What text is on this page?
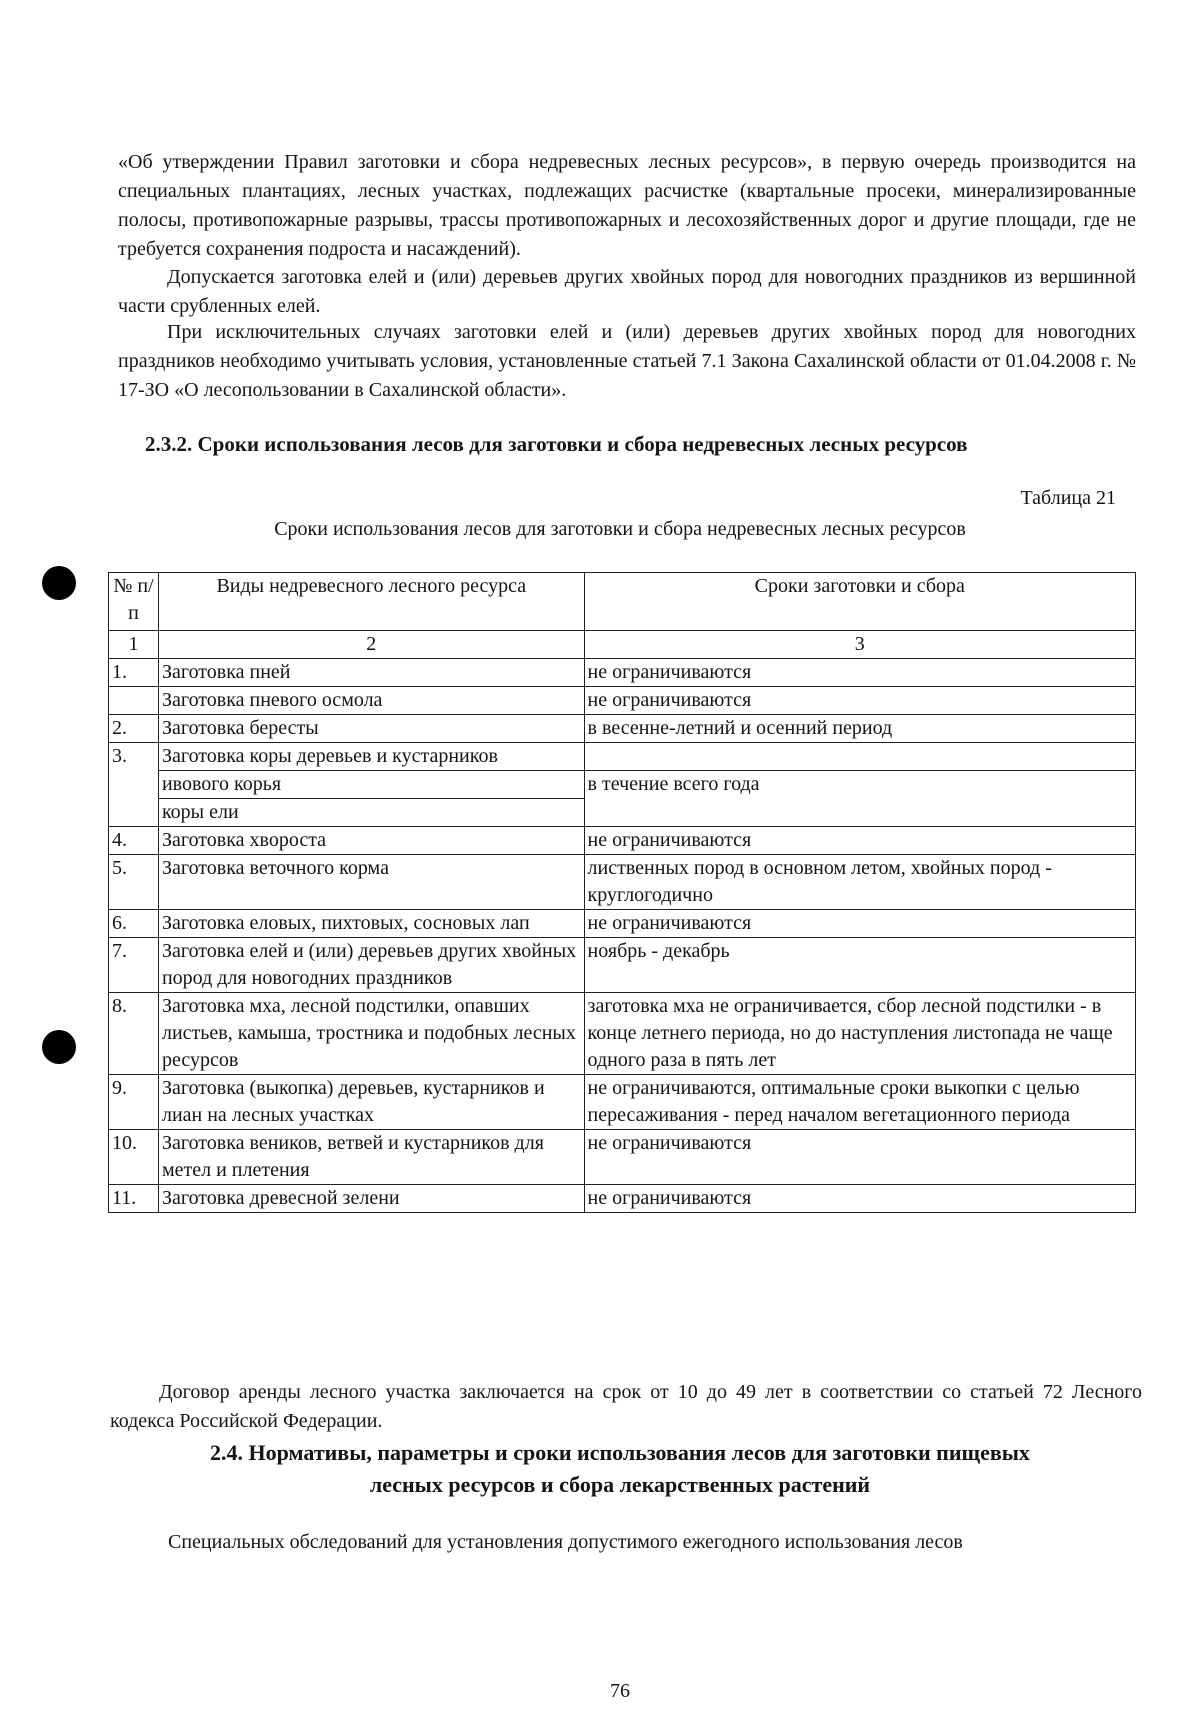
«Об утверждении Правил заготовки и сбора недревесных лесных ресурсов», в первую очередь производится на специальных плантациях, лесных участках, подлежащих расчистке (квартальные просеки, минерализированные полосы, противопожарные разрывы, трассы противопожарных и лесохозяйственных дорог и другие площади, где не требуется сохранения подроста и насаждений).
Допускается заготовка елей и (или) деревьев других хвойных пород для новогодних праздников из вершинной части срубленных елей.
При исключительных случаях заготовки елей и (или) деревьев других хвойных пород для новогодних праздников необходимо учитывать условия, установленные статьей 7.1 Закона Сахалинской области от 01.04.2008 г. № 17-ЗО «О лесопользовании в Сахалинской области».
2.3.2. Сроки использования лесов для заготовки и сбора недревесных лесных ресурсов
Таблица 21
Сроки использования лесов для заготовки и сбора недревесных лесных ресурсов
№ п/п	Виды недревесного лесного ресурса	Сроки заготовки и сбора
1	2	3
1.	Заготовка пней	не ограничиваются
	Заготовка пневого осмола	не ограничиваются
2.	Заготовка бересты	в весенне-летний и осенний период
3.	Заготовка коры деревьев и кустарников	
	ивового корья	в течение всего года
	коры ели	
4.	Заготовка хвороста	не ограничиваются
5.	Заготовка веточного корма	лиственных пород в основном летом, хвойных пород - круглогодично
6.	Заготовка еловых, пихтовых, сосновых лап	не ограничиваются
7.	Заготовка елей и (или) деревьев других хвойных пород для новогодних праздников	ноябрь - декабрь
8.	Заготовка мха, лесной подстилки, опавших листьев, камыша, тростника и подобных лесных ресурсов	заготовка мха не ограничивается, сбор лесной подстилки - в конце летнего периода, но до наступления листопада не чаще одного раза в пять лет
9.	Заготовка (выкопка) деревьев, кустарников и лиан на лесных участках	не ограничиваются, оптимальные сроки выкопки с целью пересаживания - перед началом вегетационного периода
10.	Заготовка веников, ветвей и кустарников для метел и плетения	не ограничиваются
11.	Заготовка древесной зелени	не ограничиваются
Договор аренды лесного участка заключается на срок от 10 до 49 лет в соответствии со статьей 72 Лесного кодекса Российской Федерации.
2.4. Нормативы, параметры и сроки использования лесов для заготовки пищевых
лесных ресурсов и сбора лекарственных растений
Специальных обследований для установления допустимого ежегодного использования лесов
76
